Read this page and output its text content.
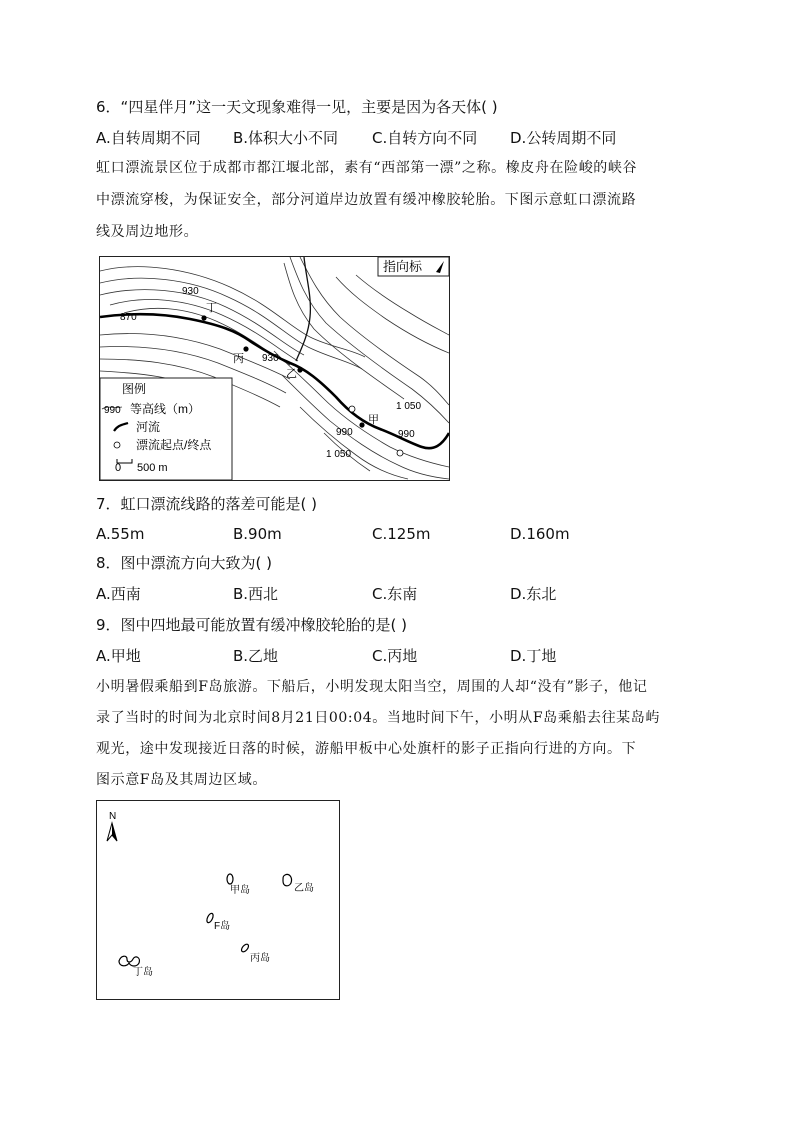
6．“四星伴月”这一天文现象难得一见，主要是因为各天体( )
A.自转周期不同 B.体积大小不同 C.自转方向不同 D.公转周期不同
虹口漂流景区位于成都市都江堰北部，素有“西部第一漂”之称。橡皮舟在险峻的峡谷
中漂流穿梭，为保证安全，部分河道岸边放置有缓冲橡胶轮胎。下图示意虹口漂流路
线及周边地形。
指向标
930
870
930
1 050
990	990
1 050
丁
丙
乙
甲
图例
990 等高线（m）
河流
漂流起点/终点
0 500 m
7．虹口漂流线路的落差可能是( )
A.55m	B.90m	C.125m	D.160m
8．图中漂流方向大致为( )
A.西南	B.西北	C.东南	D.东北
9．图中四地最可能放置有缓冲橡胶轮胎的是( )
A.甲地	B.乙地	C.丙地	D.丁地
小明暑假乘船到F岛旅游。下船后，小明发现太阳当空，周围的人却“没有”影子，他记
录了当时的时间为北京时间8月21日00:04。当地时间下午，小明从F岛乘船去往某岛屿
观光，途中发现接近日落的时候，游船甲板中心处旗杆的影子正指向行进的方向。下
图示意F岛及其周边区域。
N
甲岛	乙岛
F岛
丙岛
丁岛
